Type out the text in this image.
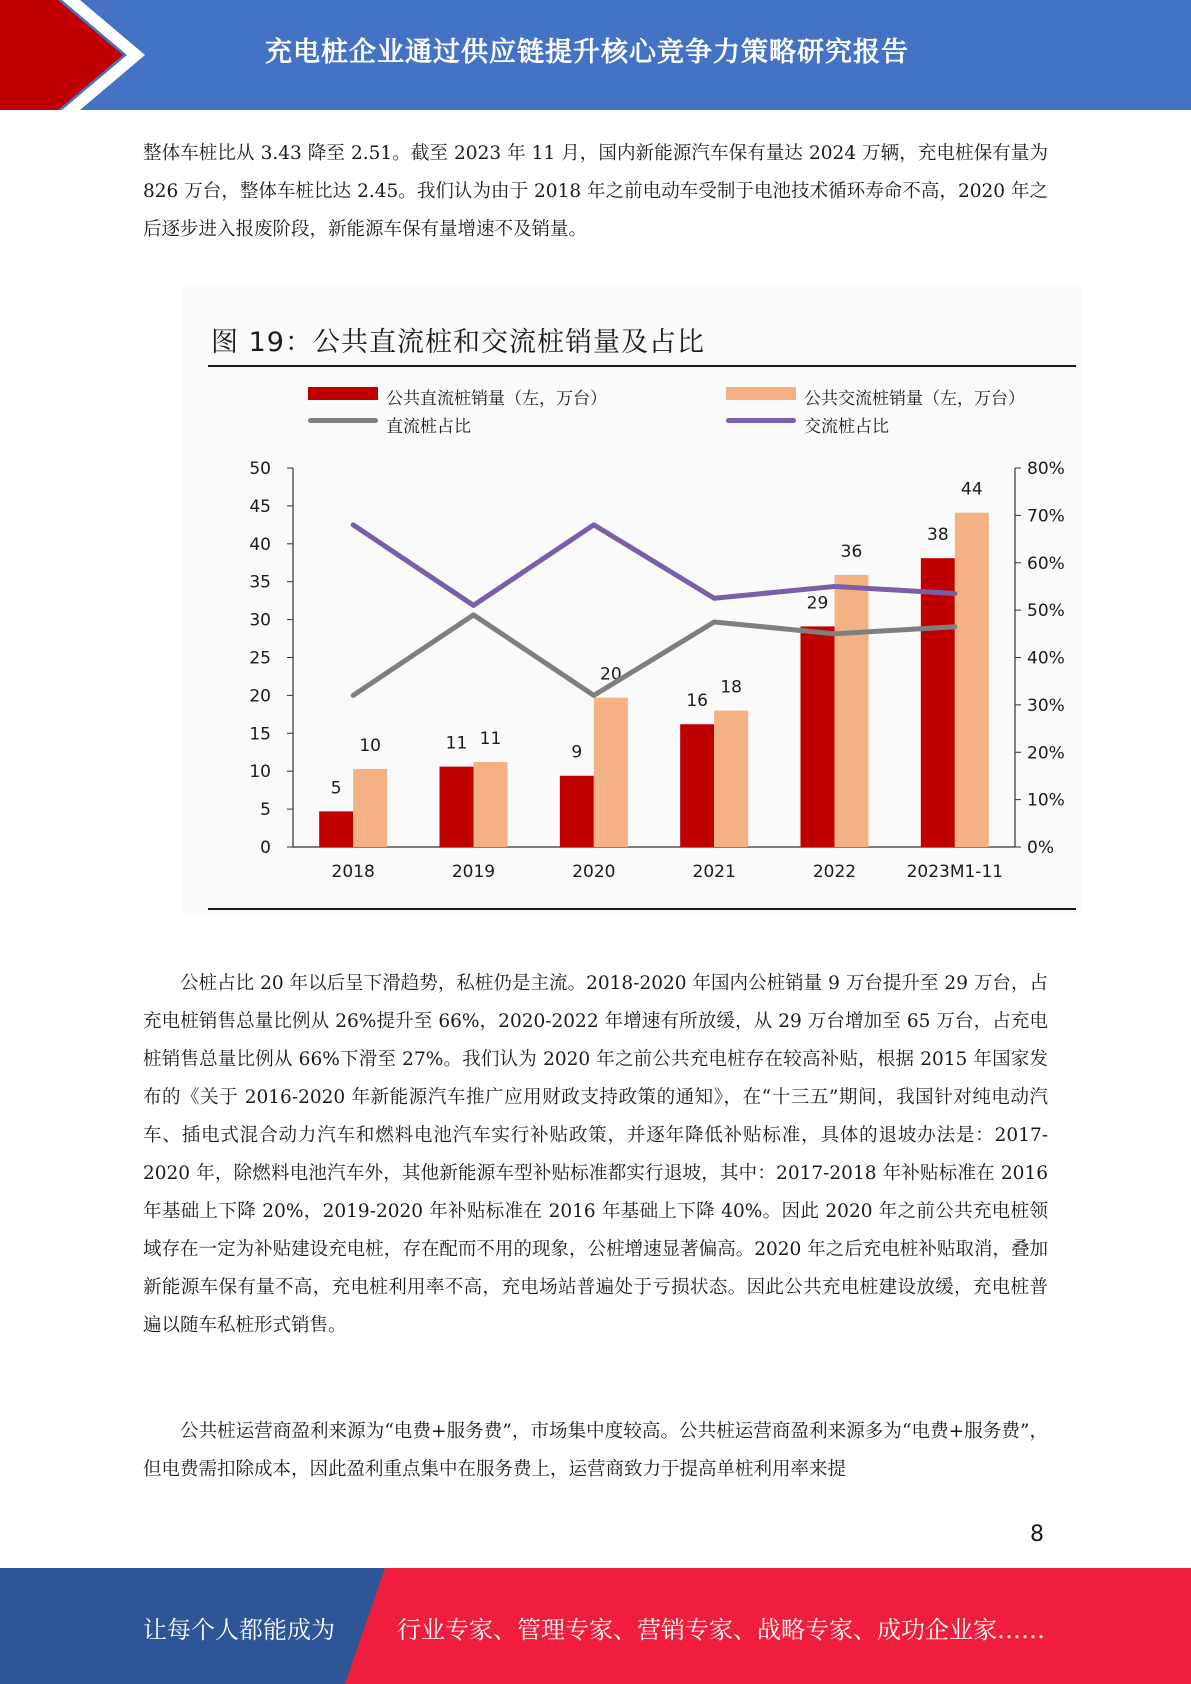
充电桩企业通过供应链提升核心竞争力策略研究报告

整体车桩比从 3.43 降至 2.51。截至 2023 年 11 月，国内新能源汽车保有量达 2024 万辆，充电桩保有量为 826 万台，整体车桩比达 2.45。我们认为由于 2018 年之前电动车受制于电池技术循环寿命不高，2020 年之后逐步进入报废阶段，新能源车保有量增速不及销量。

图 19：公共直流桩和交流桩销量及占比
公共直流桩销量（左，万台）	公共交流桩销量（左，万台）
直流桩占比	交流桩占比
0
5
10
15
20
25
30
35
40
45
50
0%
10%
20%
30%
40%
50%
60%
70%
80%
5
10
2018
11 11
2019
9
20
2020
16
18
2021
29
36
2022
38
44
2023M1-11

公桩占比 20 年以后呈下滑趋势，私桩仍是主流。2018-2020 年国内公桩销量 9 万台提升至 29 万台，占充电桩销售总量比例从 26%提升至 66%，2020-2022 年增速有所放缓，从 29 万台增加至 65 万台，占充电桩销售总量比例从 66%下滑至 27%。我们认为 2020 年之前公共充电桩存在较高补贴，根据 2015 年国家发布的《关于 2016-2020 年新能源汽车推广应用财政支持政策的通知》，在“十三五”期间，我国针对纯电动汽车、插电式混合动力汽车和燃料电池汽车实行补贴政策，并逐年降低补贴标准，具体的退坡办法是：2017-2020 年，除燃料电池汽车外，其他新能源车型补贴标准都实行退坡，其中：2017-2018 年补贴标准在 2016 年基础上下降 20%，2019-2020 年补贴标准在 2016 年基础上下降 40%。因此 2020 年之前公共充电桩领域存在一定为补贴建设充电桩，存在配而不用的现象，公桩增速显著偏高。2020 年之后充电桩补贴取消，叠加新能源车保有量不高，充电桩利用率不高，充电场站普遍处于亏损状态。因此公共充电桩建设放缓，充电桩普遍以随车私桩形式销售。

公共桩运营商盈利来源为“电费+服务费”，市场集中度较高。公共桩运营商盈利来源多为“电费+服务费”，但电费需扣除成本，因此盈利重点集中在服务费上，运营商致力于提高单桩利用率来提

8
让每个人都能成为	行业专家、管理专家、营销专家、战略专家、成功企业家……
